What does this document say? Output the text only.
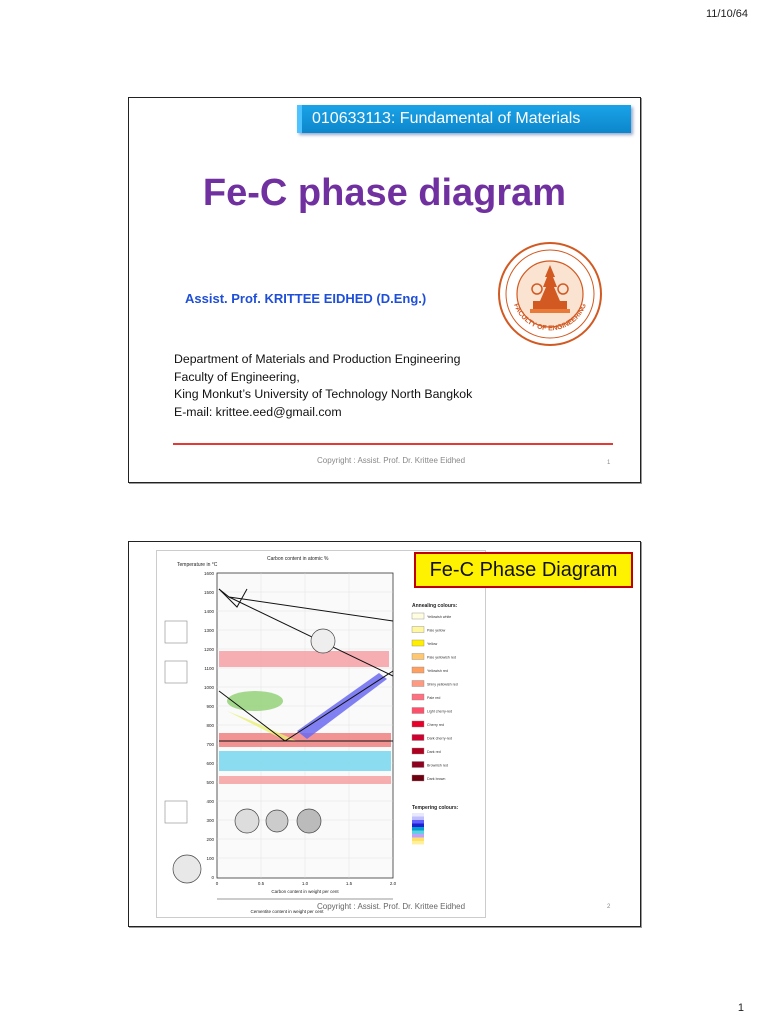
11/10/64
010633113: Fundamental of Materials
Fe-C phase diagram
Assist. Prof. KRITTEE EIDHED (D.Eng.)
Department of Materials and Production Engineering
Faculty of Engineering,
King Monkut’s University of Technology North Bangkok
E-mail: krittee.eed@gmail.com
FACULTY OF ENGINEERING
Copyright : Assist. Prof. Dr. Krittee Eidhed	1
Carbon content in atomic %
Temperature in °C
1600
1500
1400
1300
1200
1100
1000
900
800
700
600
500
400
300
200
100
0
0	0.5	1.0	1.5	2.0
Carbon content in weight per cent
Cementite content in weight per cent
Annealing colours:
Yellowish white
Pale yellow
Yellow
Pale yellowish red
Yellowish red
Shiny yellowish red
Pale red
Light cherry-red
Cherry red
Dark cherry-red
Dark red
Brownish red
Dark brown
Tempering colours:
Fe-C Phase Diagram
Copyright : Assist. Prof. Dr. Krittee Eidhed	2
1
